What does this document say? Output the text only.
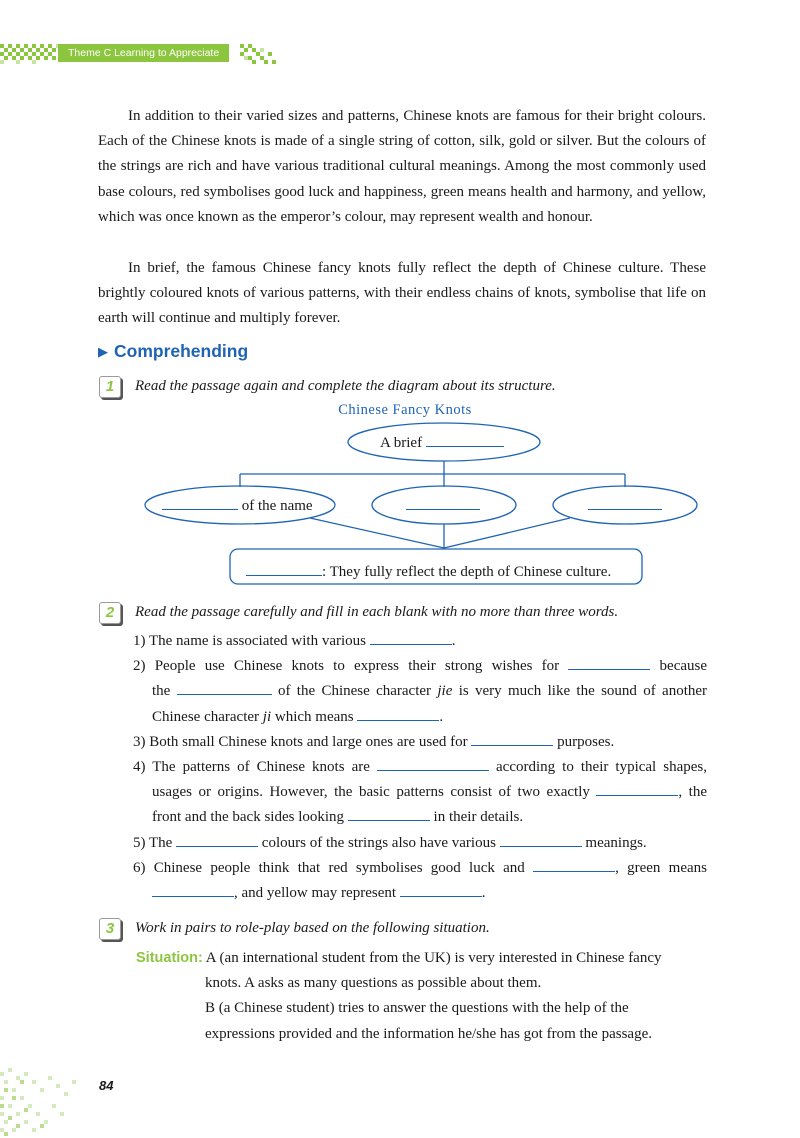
Theme C Learning to Appreciate

In addition to their varied sizes and patterns, Chinese knots are famous for their bright colours. Each of the Chinese knots is made of a single string of cotton, silk, gold or silver. But the colours of the strings are rich and have various traditional cultural meanings. Among the most commonly used base colours, red symbolises good luck and happiness, green means health and harmony, and yellow, which was once known as the emperor’s colour, may represent wealth and honour.

In brief, the famous Chinese fancy knots fully reflect the depth of Chinese culture. These brightly coloured knots of various patterns, with their endless chains of knots, symbolise that life on earth will continue and multiply forever.

▶ Comprehending
1	Read the passage again and complete the diagram about its structure.

Chinese Fancy Knots
A brief
of the name
: They fully reflect the depth of Chinese culture.
2	Read the passage carefully and fill in each blank with no more than three words.

1) The name is associated with various	.
2) People use Chinese knots to express their strong wishes for	because
the	of the Chinese character jie is very much like the sound of another
Chinese character ji which means	.
3) Both small Chinese knots and large ones are used for	purposes.
4) The patterns of Chinese knots are	according to their typical shapes,
usages or origins. However, the basic patterns consist of two exactly	, the
front and the back sides looking	in their details.
5) The	colours of the strings also have various	meanings.
6) Chinese people think that red symbolises good luck and	, green means
, and yellow may represent	.
3	Work in pairs to role-play based on the following situation.

Situation: A (an international student from the UK) is very interested in Chinese fancy
knots. A asks as many questions as possible about them.
B (a Chinese student) tries to answer the questions with the help of the
expressions provided and the information he/she has got from the passage.

84
